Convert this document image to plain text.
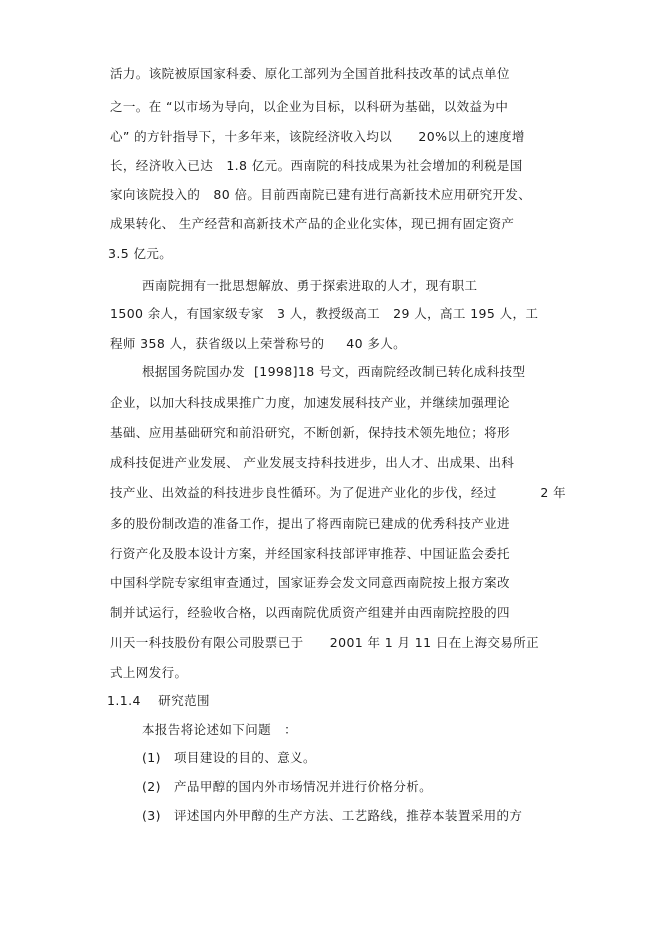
活力。该院被原国家科委、原化工部列为全国首批科技改革的试点单位
之一。在 “以市场为导向，以企业为目标，以科研为基础，以效益为中
心” 的方针指导下，十多年来，该院经济收入均以      20%以上的速度增
长，经济收入已达   1.8 亿元。西南院的科技成果为社会增加的利税是国
家向该院投入的   80 倍。目前西南院已建有进行高新技术应用研究开发、
成果转化、 生产经营和高新技术产品的企业化实体，现已拥有固定资产
3.5 亿元。
西南院拥有一批思想解放、勇于探索进取的人才，现有职工
1500 余人，有国家级专家   3 人，教授级高工   29 人，高工 195 人，工
程师 358 人，获省级以上荣誉称号的     40 多人。
根据国务院国办发  [1998]18 号文，西南院经改制已转化成科技型
企业，以加大科技成果推广力度，加速发展科技产业，并继续加强理论
基础、应用基础研究和前沿研究，不断创新，保持技术领先地位；将形
成科技促进产业发展、 产业发展支持科技进步，出人才、出成果、出科
技产业、出效益的科技进步良性循环。为了促进产业化的步伐，经过          2 年
多的股份制改造的准备工作，提出了将西南院已建成的优秀科技产业进
行资产化及股本设计方案，并经国家科技部评审推荐、中国证监会委托
中国科学院专家组审查通过，国家证券会发文同意西南院按上报方案改
制并试运行，经验收合格，以西南院优质资产组建并由西南院控股的四
川天一科技股份有限公司股票已于      2001 年 1 月 11 日在上海交易所正
式上网发行。
1.1.4    研究范围
本报告将论述如下问题   ：
(1)   项目建设的目的、意义。
(2)   产品甲醇的国内外市场情况并进行价格分析。
(3)   评述国内外甲醇的生产方法、工艺路线，推荐本装置采用的方
